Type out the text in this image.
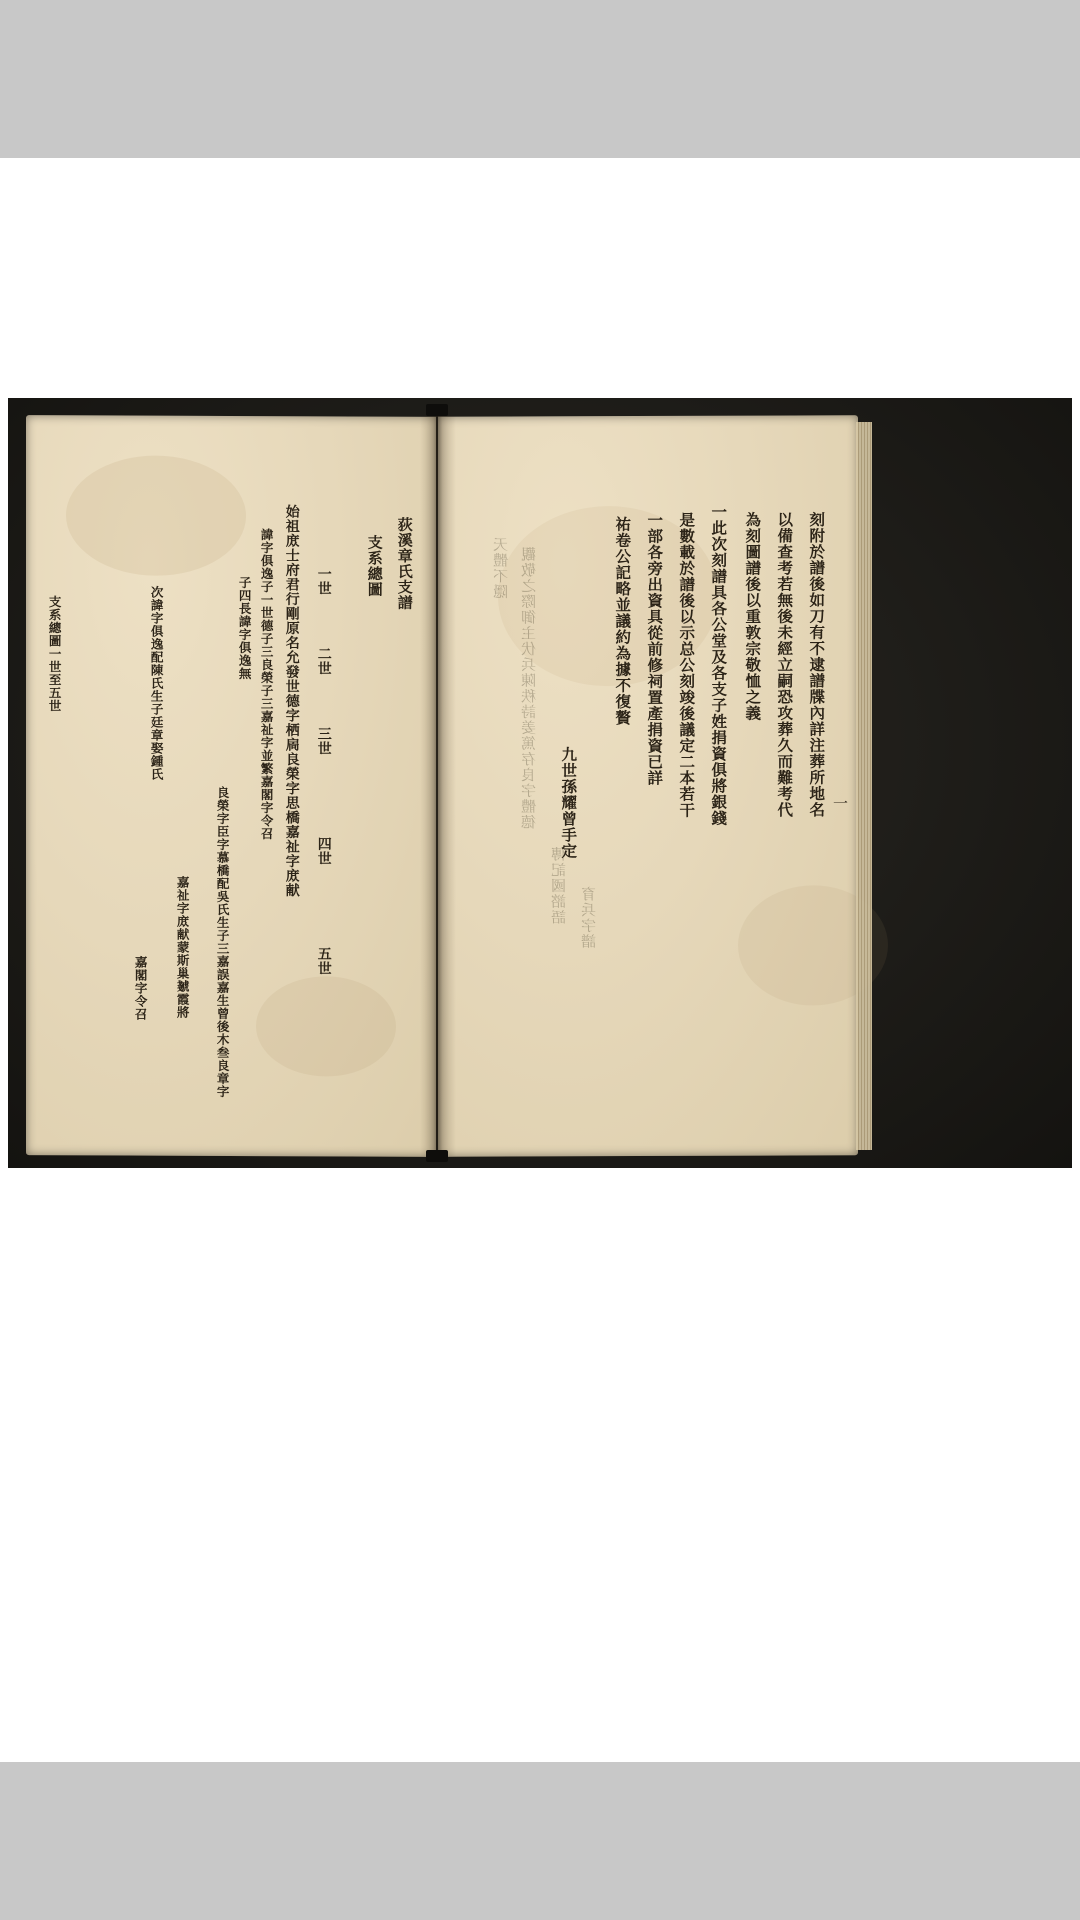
荻溪章氏支譜
支系總圖
一世
二世
三世
四世
五世
始祖庻士府君行剛原名允發世德字栖扄良榮字思橋嘉祉字庻献
諱字俱逸子一世德子三良榮子三嘉祉字並繁嘉閣字令召
子四長諱字俱逸無
次諱字俱逸配陳氏生子廷章娶鍾氏
良榮字臣字慕橋配吳氏生子三嘉誤嘉生曾後木叁良章字
嘉祉字庻献蒙斯巢虦霞將
嘉閣字令召
支系總圖一世至五世	刻附於譜後如刀有不逮譜牒內詳注葬所地名
以備查考若無後未經立嗣恐攻葬久而難考代
為刻圖譜後以重敦宗敬恤之義
一此次刻譜具各公堂及各支子姓捐資俱將銀錢
是數載於譜後以示总公刻竣後議定二本若干
一部各旁出資具從前修祠置產捐資已詳
祐卷公記略並議約為據不復贅
九世孫耀曾手定
觀敬之際御主伏兵陳秩詩姜篤存良字體德
天體不隱
傳記國諮語 育兵字譜
一
